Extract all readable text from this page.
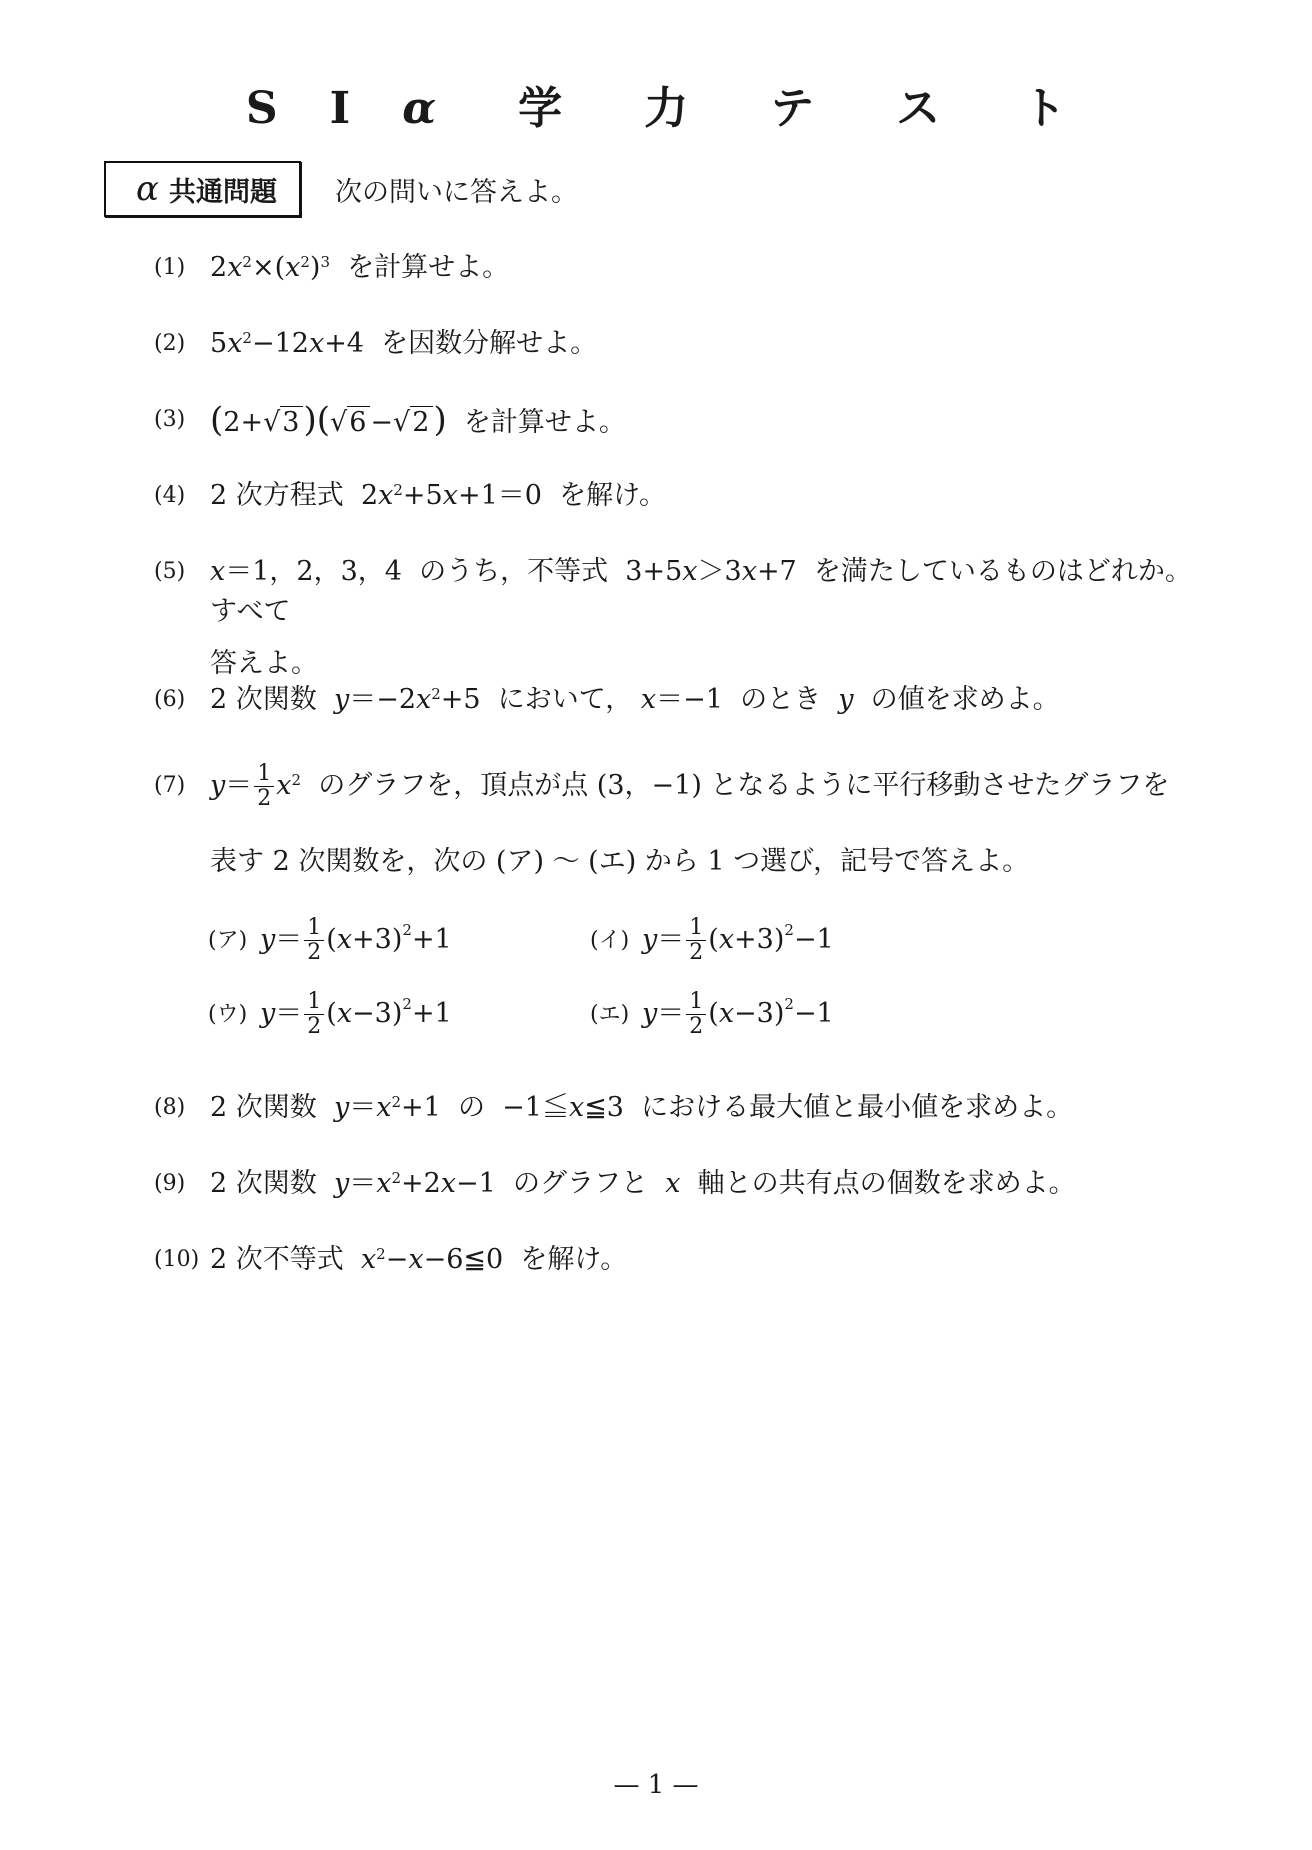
S I α 学 力 テ ス ト
α 共通問題 次の問いに答えよ。
(1) $2x^2\times(x^2)^3$ を計算せよ。
(2) $5x^2-12x+4$ を因数分解せよ。
(3) (2+√3 )(√6 −√2 ) を計算せよ。
(4) 2 次方程式 $2x^2+5x+1=0$ を解け。
(5) x＝1，2，3，4 のうち，不等式 3+5x＞3x+7 を満たしているものはどれか。すべて
答えよ。
(6) 2 次関数 $y=-2x^2+5$ において， x＝−1 のとき y の値を求めよ。
(7) $y= \frac{1}{2} x^2$ のグラフを，頂点が点 (3，−1) となるように平行移動させたグラフを
表す 2 次関数を，次の (ア) 〜 (エ) から 1 つ選び，記号で答えよ。
(ア) $y= \frac{1}{2} (x+3)^2+1$	(イ) $y= \frac{1}{2} (x+3)^2-1$
(ウ) $y= \frac{1}{2} (x-3)^2+1$	(エ) $y= \frac{1}{2} (x-3)^2-1$
(8) 2 次関数 $y=x^2+1$ の −1≦x≦3 における最大値と最小値を求めよ。
(9) 2 次関数 $y=x^2+2x-1$ のグラフと x 軸との共有点の個数を求めよ。
(10) 2 次不等式 $x^2-x-6≦0$ を解け。
— 1 —
